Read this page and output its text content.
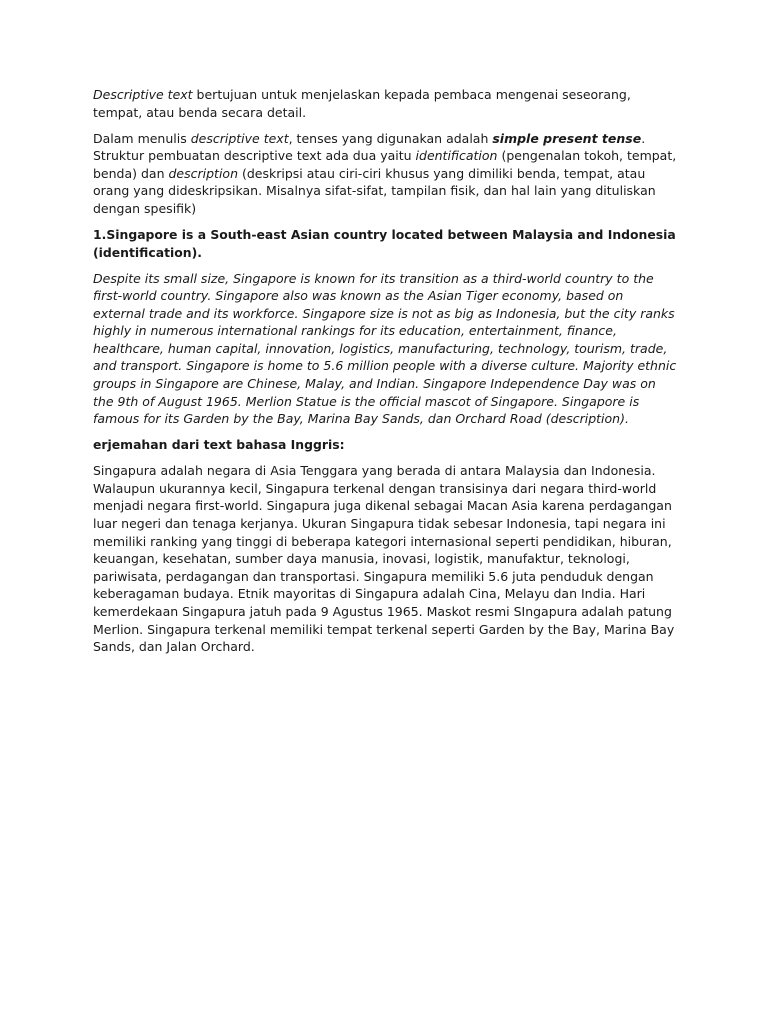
Descriptive text bertujuan untuk menjelaskan kepada pembaca mengenai seseorang, tempat, atau benda secara detail.

Dalam menulis descriptive text, tenses yang digunakan adalah simple present tense. Struktur pembuatan descriptive text ada dua yaitu identification (pengenalan tokoh, tempat, benda) dan description (deskripsi atau ciri-ciri khusus yang dimiliki benda, tempat, atau orang yang dideskripsikan. Misalnya sifat-sifat, tampilan fisik, dan hal lain yang dituliskan dengan spesifik)

1.Singapore is a South-east Asian country located between Malaysia and Indonesia (identification).

Despite its small size, Singapore is known for its transition as a third-world country to the first-world country. Singapore also was known as the Asian Tiger economy, based on external trade and its workforce. Singapore size is not as big as Indonesia, but the city ranks highly in numerous international rankings for its education, entertainment, finance, healthcare, human capital, innovation, logistics, manufacturing, technology, tourism, trade, and transport. Singapore is home to 5.6 million people with a diverse culture. Majority ethnic groups in Singapore are Chinese, Malay, and Indian. Singapore Independence Day was on the 9th of August 1965. Merlion Statue is the official mascot of Singapore. Singapore is famous for its Garden by the Bay, Marina Bay Sands, dan Orchard Road (description).

erjemahan dari text bahasa Inggris:

Singapura adalah negara di Asia Tenggara yang berada di antara Malaysia dan Indonesia. Walaupun ukurannya kecil, Singapura terkenal dengan transisinya dari negara third-world menjadi negara first-world. Singapura juga dikenal sebagai Macan Asia karena perdagangan luar negeri dan tenaga kerjanya. Ukuran Singapura tidak sebesar Indonesia, tapi negara ini memiliki ranking yang tinggi di beberapa kategori internasional seperti pendidikan, hiburan, keuangan, kesehatan, sumber daya manusia, inovasi, logistik, manufaktur, teknologi, pariwisata, perdagangan dan transportasi. Singapura memiliki 5.6 juta penduduk dengan keberagaman budaya. Etnik mayoritas di Singapura adalah Cina, Melayu dan India. Hari kemerdekaan Singapura jatuh pada 9 Agustus 1965. Maskot resmi SIngapura adalah patung Merlion. Singapura terkenal memiliki tempat terkenal seperti Garden by the Bay, Marina Bay Sands, dan Jalan Orchard.
